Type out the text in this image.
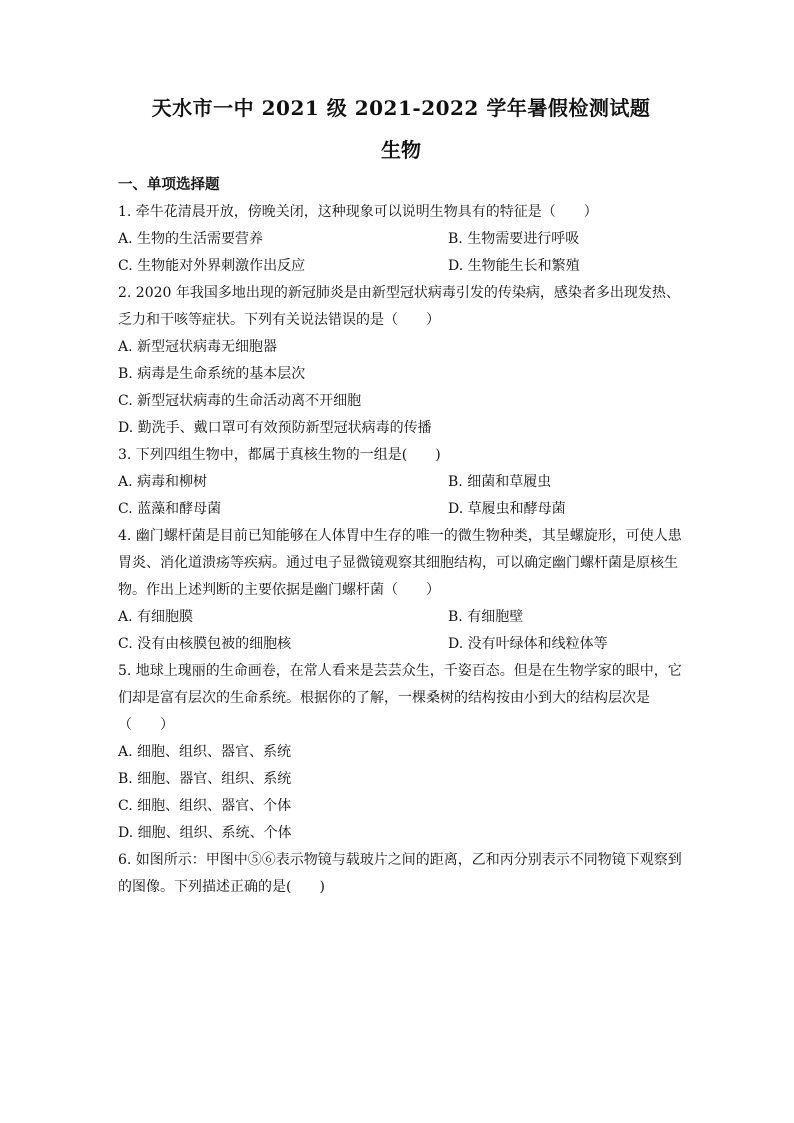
天水市一中 2021 级 2021-2022 学年暑假检测试题
生物
一、单项选择题
1. 牵牛花清晨开放，傍晚关闭，这种现象可以说明生物具有的特征是（　　）
A. 生物的生活需要营养	B. 生物需要进行呼吸
C. 生物能对外界刺激作出反应	D. 生物能生长和繁殖
2. 2020 年我国多地出现的新冠肺炎是由新型冠状病毒引发的传染病，感染者多出现发热、乏力和干咳等症状。下列有关说法错误的是（　　）
A. 新型冠状病毒无细胞器
B. 病毒是生命系统的基本层次
C. 新型冠状病毒的生命活动离不开细胞
D. 勤洗手、戴口罩可有效预防新型冠状病毒的传播
3. 下列四组生物中，都属于真核生物的一组是(　　)
A. 病毒和柳树	B. 细菌和草履虫
C. 蓝藻和酵母菌	D. 草履虫和酵母菌
4. 幽门螺杆菌是目前已知能够在人体胃中生存的唯一的微生物种类，其呈螺旋形，可使人患胃炎、消化道溃疡等疾病。通过电子显微镜观察其细胞结构，可以确定幽门螺杆菌是原核生物。作出上述判断的主要依据是幽门螺杆菌（　　）
A. 有细胞膜	B. 有细胞壁
C. 没有由核膜包被的细胞核	D. 没有叶绿体和线粒体等
5. 地球上瑰丽的生命画卷，在常人看来是芸芸众生，千姿百态。但是在生物学家的眼中，它们却是富有层次的生命系统。根据你的了解，一棵桑树的结构按由小到大的结构层次是（　　）
A. 细胞、组织、器官、系统
B. 细胞、器官、组织、系统
C. 细胞、组织、器官、个体
D. 细胞、组织、系统、个体
6. 如图所示：甲图中⑤⑥表示物镜与载玻片之间的距离，乙和丙分别表示不同物镜下观察到的图像。下列描述正确的是(　　)
